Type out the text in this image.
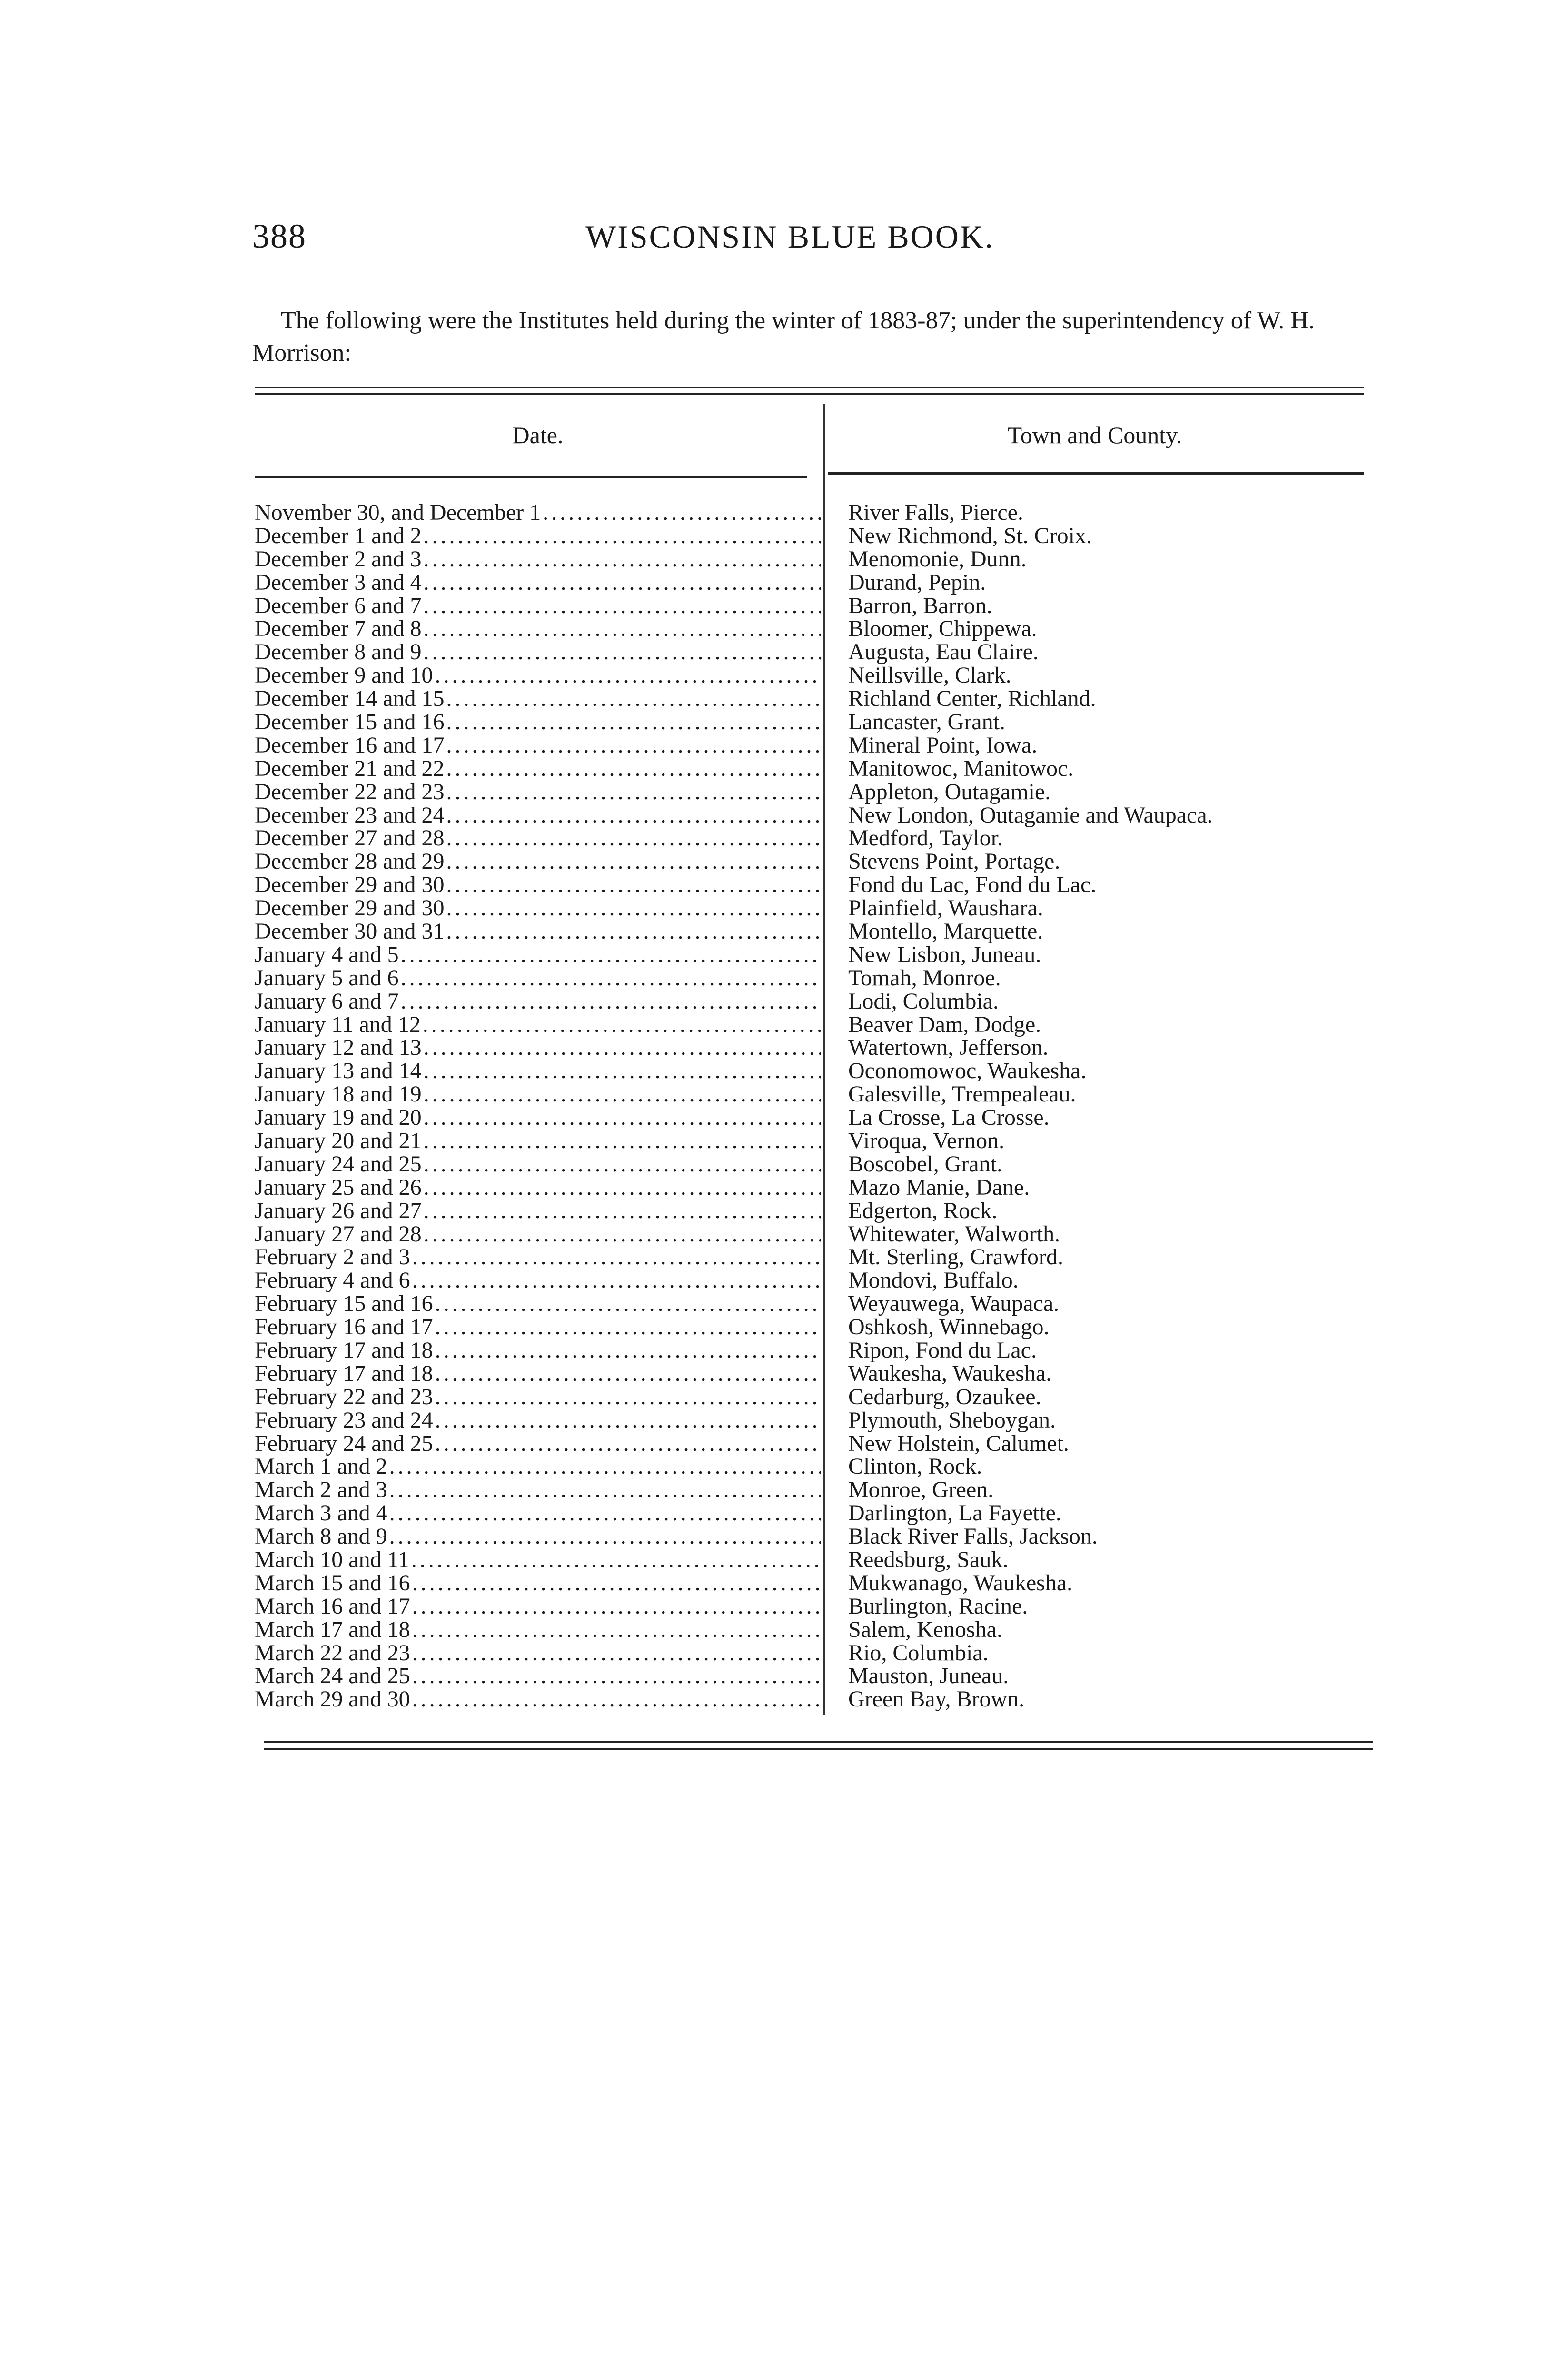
388	WISCONSIN BLUE BOOK.

The following were the Institutes held during the winter of 1883-87; under the superintendency of W. H. Morrison:

Date.	Town and County.
November 30, and December 1 .....	River Falls, Pierce.
December 1 and 2 .....	New Richmond, St. Croix.
December 2 and 3 .....	Menomonie, Dunn.
December 3 and 4 .....	Durand, Pepin.
December 6 and 7 .....	Barron, Barron.
December 7 and 8 .....	Bloomer, Chippewa.
December 8 and 9 .....	Augusta, Eau Claire.
December 9 and 10 .....	Neillsville, Clark.
December 14 and 15 .....	Richland Center, Richland.
December 15 and 16 .....	Lancaster, Grant.
December 16 and 17 .....	Mineral Point, Iowa.
December 21 and 22 .....	Manitowoc, Manitowoc.
December 22 and 23 .....	Appleton, Outagamie.
December 23 and 24 .....	New London, Outagamie and Waupaca.
December 27 and 28 .....	Medford, Taylor.
December 28 and 29 .....	Stevens Point, Portage.
December 29 and 30 .....	Fond du Lac, Fond du Lac.
December 29 and 30 .....	Plainfield, Waushara.
December 30 and 31 .....	Montello, Marquette.
January 4 and 5 .....	New Lisbon, Juneau.
January 5 and 6 .....	Tomah, Monroe.
January 6 and 7 .....	Lodi, Columbia.
January 11 and 12 .....	Beaver Dam, Dodge.
January 12 and 13 .....	Watertown, Jefferson.
January 13 and 14 .....	Oconomowoc, Waukesha.
January 18 and 19 .....	Galesville, Trempealeau.
January 19 and 20 .....	La Crosse, La Crosse.
January 20 and 21 .....	Viroqua, Vernon.
January 24 and 25 .....	Boscobel, Grant.
January 25 and 26 .....	Mazo Manie, Dane.
January 26 and 27 .....	Edgerton, Rock.
January 27 and 28 .....	Whitewater, Walworth.
February 2 and 3 .....	Mt. Sterling, Crawford.
February 4 and 6 .....	Mondovi, Buffalo.
February 15 and 16 .....	Weyauwega, Waupaca.
February 16 and 17 .....	Oshkosh, Winnebago.
February 17 and 18 .....	Ripon, Fond du Lac.
February 17 and 18 .....	Waukesha, Waukesha.
February 22 and 23 .....	Cedarburg, Ozaukee.
February 23 and 24 .....	Plymouth, Sheboygan.
February 24 and 25 .....	New Holstein, Calumet.
March 1 and 2 .....	Clinton, Rock.
March 2 and 3 .....	Monroe, Green.
March 3 and 4 .....	Darlington, La Fayette.
March 8 and 9 .....	Black River Falls, Jackson.
March 10 and 11 .....	Reedsburg, Sauk.
March 15 and 16 .....	Mukwanago, Waukesha.
March 16 and 17 .....	Burlington, Racine.
March 17 and 18 .....	Salem, Kenosha.
March 22 and 23 .....	Rio, Columbia.
March 24 and 25 .....	Mauston, Juneau.
March 29 and 30 .....	Green Bay, Brown.
